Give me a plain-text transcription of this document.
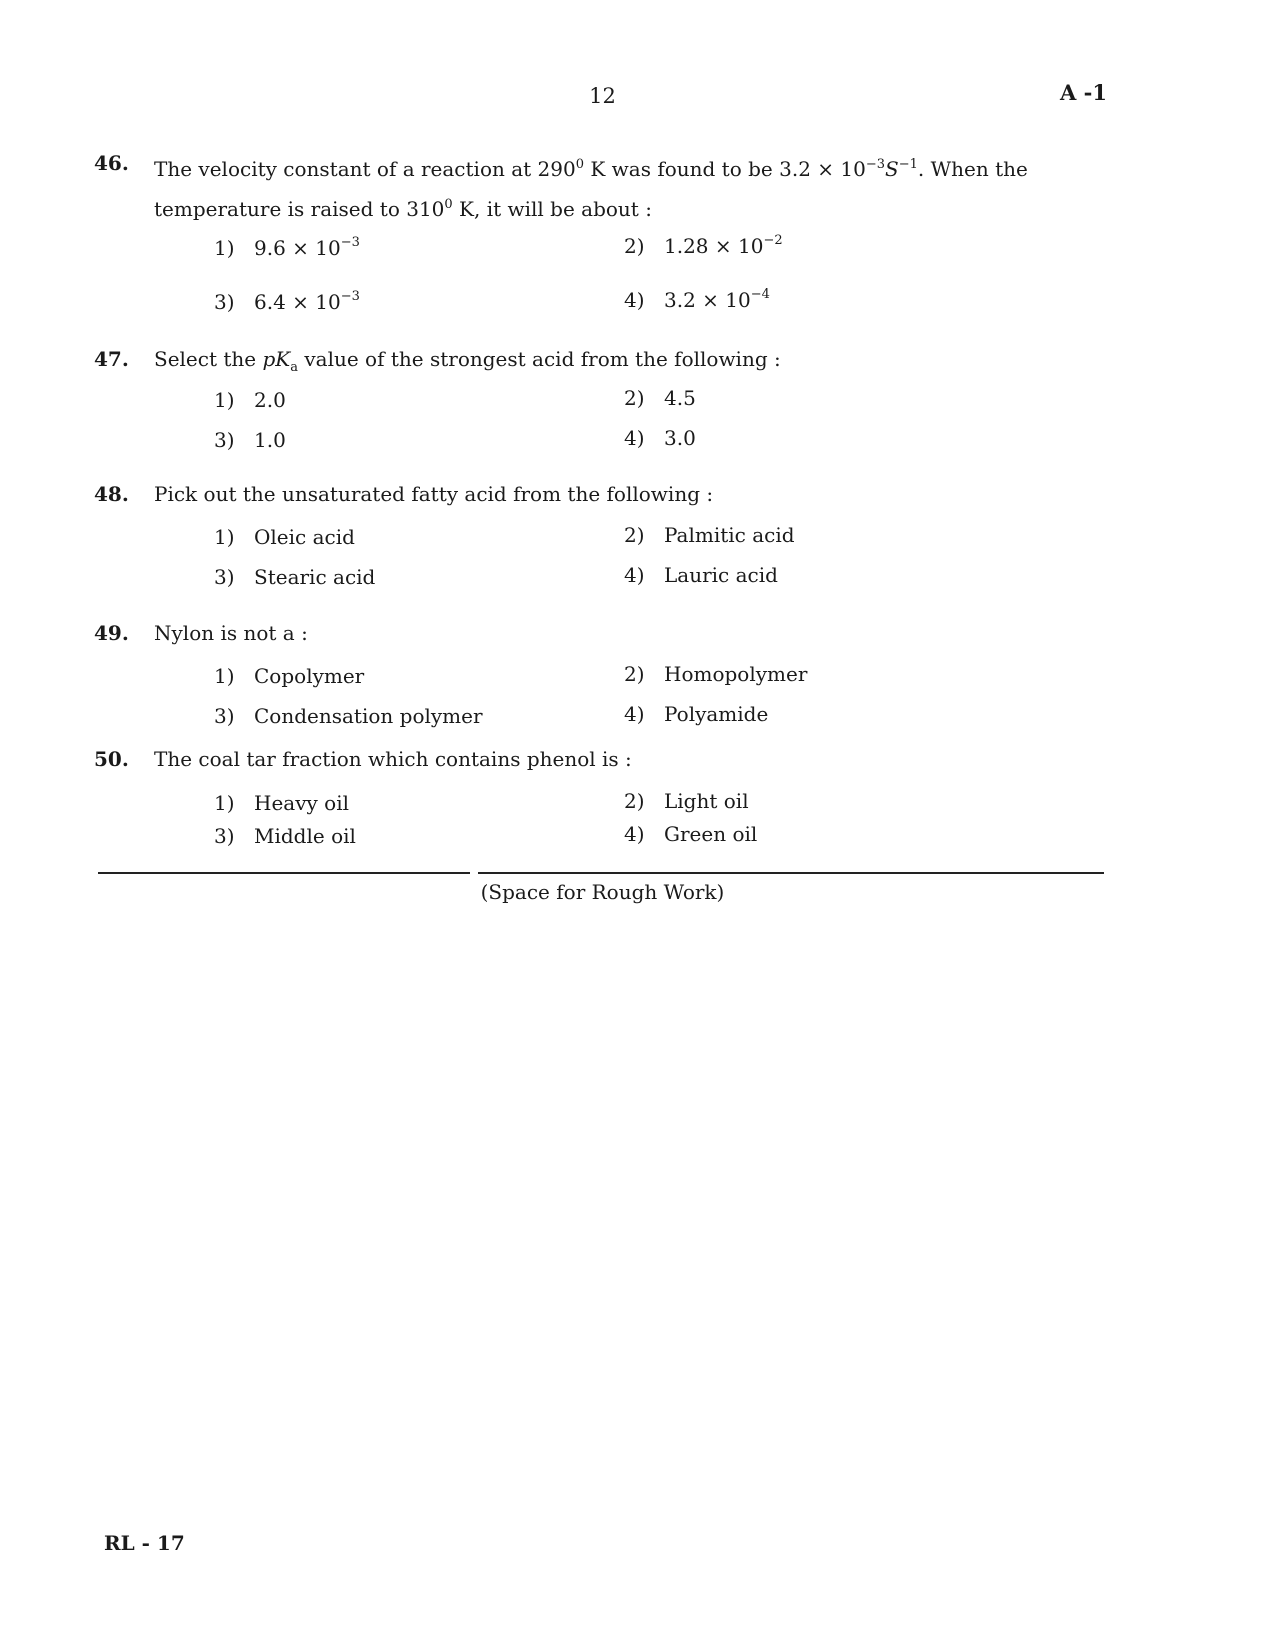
12	A -1
46. The velocity constant of a reaction at $290^0$ K was found to be $3.2 \times 10^{-3}S^{-1}$. When the temperature is raised to $310^0$ K, it will be about :
1) $9.6 \times 10^{-3}$	2) $1.28 \times 10^{-2}$
3) $6.4 \times 10^{-3}$	4) $3.2 \times 10^{-4}$
47. Select the $pK_a$ value of the strongest acid from the following :
1) 2.0	2) 4.5
3) 1.0	4) 3.0
48. Pick out the unsaturated fatty acid from the following :
1) Oleic acid	2) Palmitic acid
3) Stearic acid	4) Lauric acid
49. Nylon is not a :
1) Copolymer	2) Homopolymer
3) Condensation polymer	4) Polyamide
50. The coal tar fraction which contains phenol is :
1) Heavy oil	2) Light oil
3) Middle oil	4) Green oil
(Space for Rough Work)
RL - 17
